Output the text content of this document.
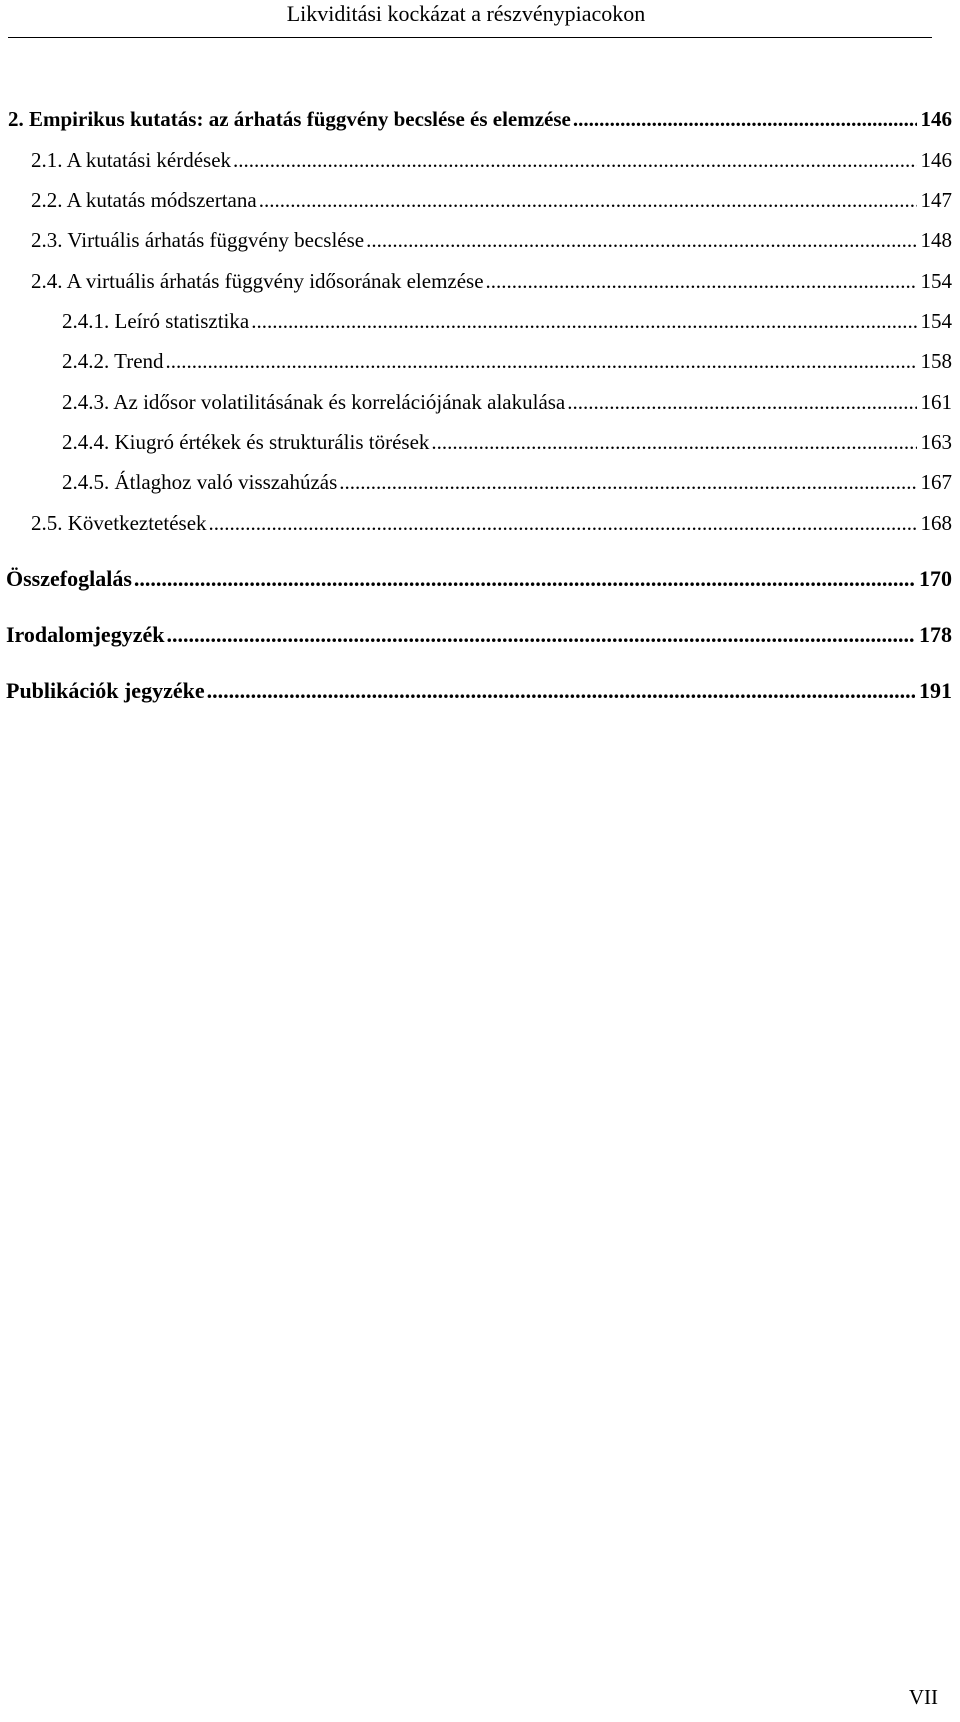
Likviditási kockázat a részvénypiacokon
2. Empirikus kutatás: az árhatás függvény becslése és elemzése .....	146
2.1. A kutatási kérdések .....	146
2.2. A kutatás módszertana .....	147
2.3. Virtuális árhatás függvény becslése .....	148
2.4. A virtuális árhatás függvény idősorának elemzése .....	154
2.4.1. Leíró statisztika .....	154
2.4.2. Trend .....	158
2.4.3. Az idősor volatilitásának és korrelációjának alakulása .....	161
2.4.4. Kiugró értékek és strukturális törések .....	163
2.4.5. Átlaghoz való visszahúzás .....	167
2.5. Következtetések .....	168
Összefoglalás .....	170
Irodalomjegyzék .....	178
Publikációk jegyzéke .....	191
VII
